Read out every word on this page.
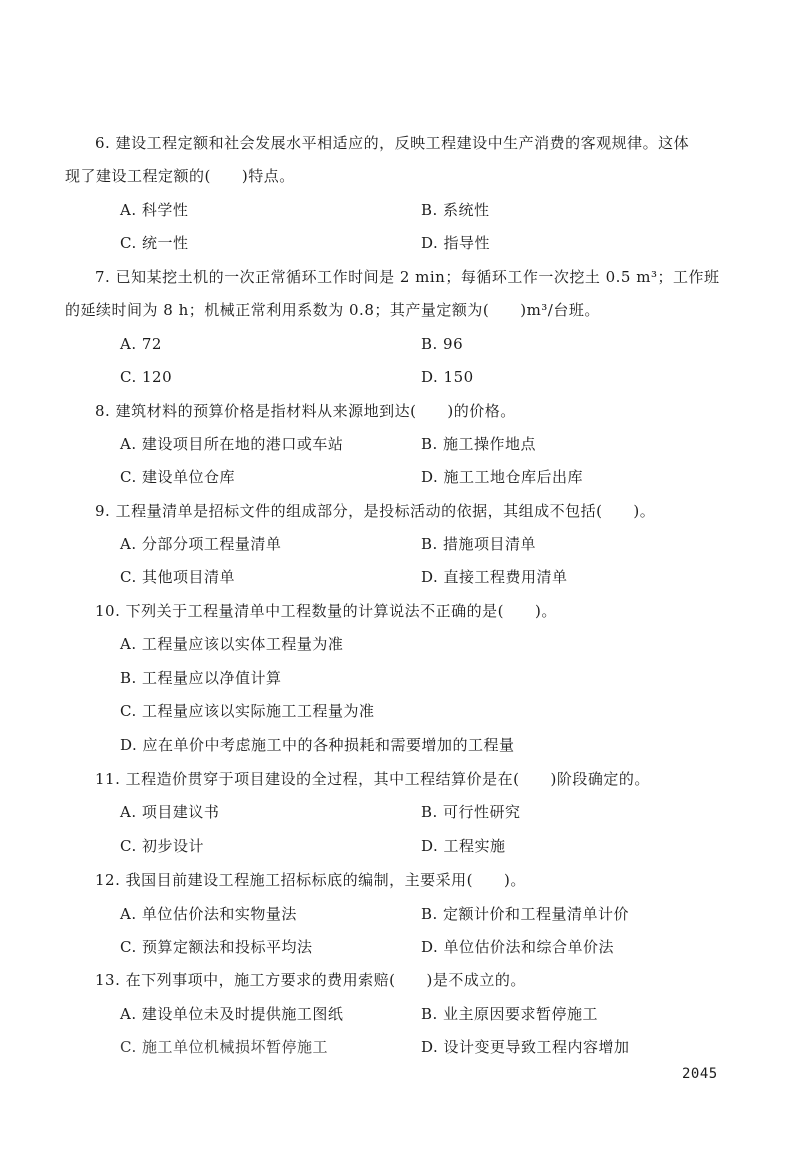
6. 建设工程定额和社会发展水平相适应的，反映工程建设中生产消费的客观规律。这体
现了建设工程定额的(　　)特点。
A. 科学性	B. 系统性
C. 统一性	D. 指导性
7. 已知某挖土机的一次正常循环工作时间是 2 min；每循环工作一次挖土 0.5 m³；工作班
的延续时间为 8 h；机械正常利用系数为 0.8；其产量定额为(　　)m³/台班。
A. 72	B. 96
C. 120	D. 150
8. 建筑材料的预算价格是指材料从来源地到达(　　)的价格。
A. 建设项目所在地的港口或车站	B. 施工操作地点
C. 建设单位仓库	D. 施工工地仓库后出库
9. 工程量清单是招标文件的组成部分，是投标活动的依据，其组成不包括(　　)。
A. 分部分项工程量清单	B. 措施项目清单
C. 其他项目清单	D. 直接工程费用清单
10. 下列关于工程量清单中工程数量的计算说法不正确的是(　　)。
A. 工程量应该以实体工程量为准
B. 工程量应以净值计算
C. 工程量应该以实际施工工程量为准
D. 应在单价中考虑施工中的各种损耗和需要增加的工程量
11. 工程造价贯穿于项目建设的全过程，其中工程结算价是在(　　)阶段确定的。
A. 项目建议书	B. 可行性研究
C. 初步设计	D. 工程实施
12. 我国目前建设工程施工招标标底的编制，主要采用(　　)。
A. 单位估价法和实物量法	B. 定额计价和工程量清单计价
C. 预算定额法和投标平均法	D. 单位估价法和综合单价法
13. 在下列事项中，施工方要求的费用索赔(　　)是不成立的。
A. 建设单位未及时提供施工图纸	B. 业主原因要求暂停施工
C. 施工单位机械损坏暂停施工	D. 设计变更导致工程内容增加
2045
